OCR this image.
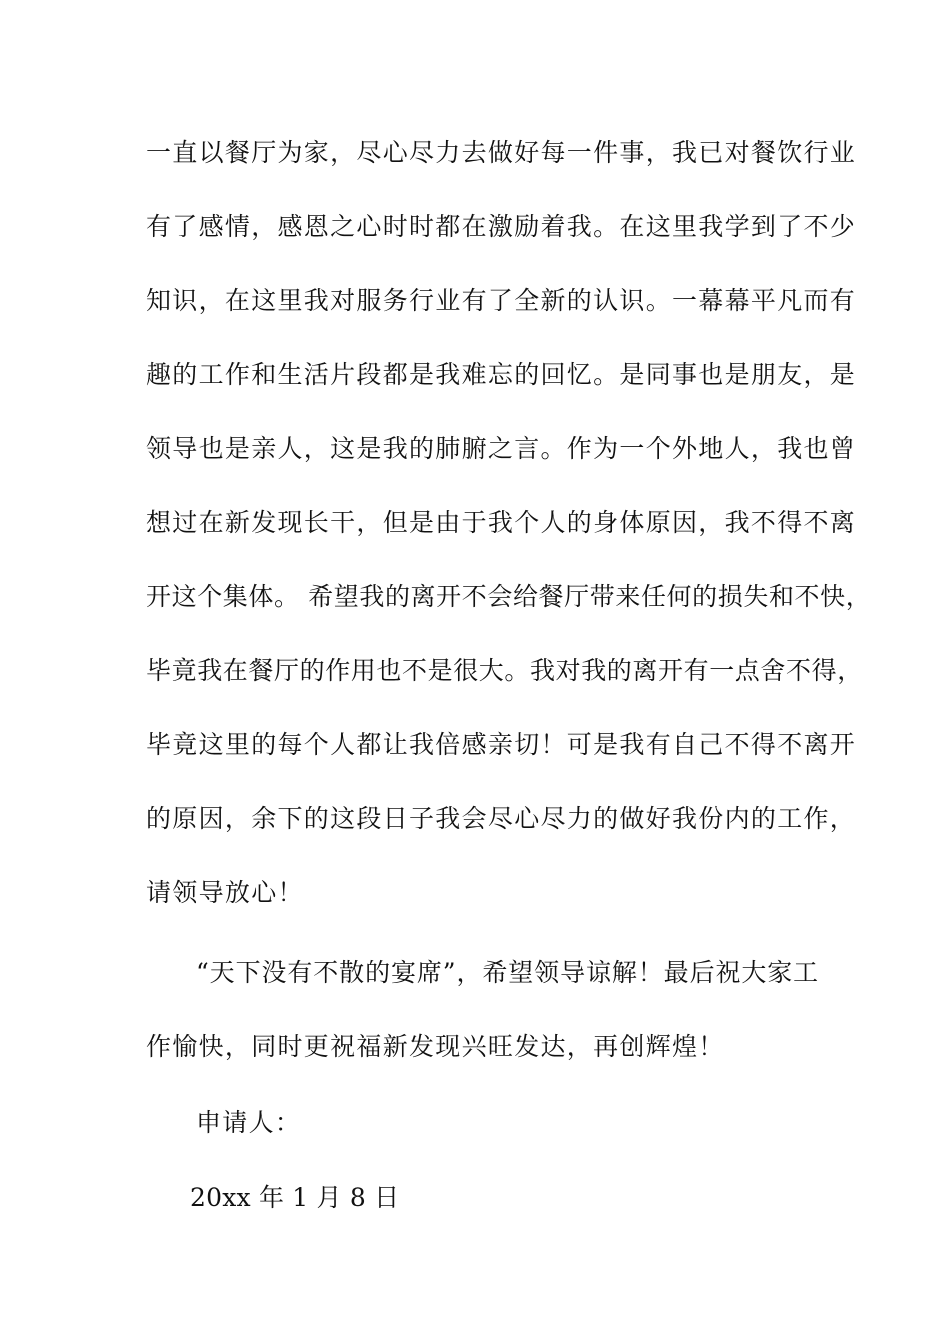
一直以餐厅为家，尽心尽力去做好每一件事，我已对餐饮行业

有了感情，感恩之心时时都在激励着我。在这里我学到了不少

知识，在这里我对服务行业有了全新的认识。一幕幕平凡而有

趣的工作和生活片段都是我难忘的回忆。是同事也是朋友，是

领导也是亲人，这是我的肺腑之言。作为一个外地人，我也曾

想过在新发现长干，但是由于我个人的身体原因，我不得不离

开这个集体。 希望我的离开不会给餐厅带来任何的损失和不快，

毕竟我在餐厅的作用也不是很大。我对我的离开有一点舍不得，

毕竟这里的每个人都让我倍感亲切！可是我有自己不得不离开

的原因，余下的这段日子我会尽心尽力的做好我份内的工作，

请领导放心！

“天下没有不散的宴席”，希望领导谅解！最后祝大家工

作愉快，同时更祝福新发现兴旺发达，再创辉煌！

申请人：

20xx 年 1 月 8 日
